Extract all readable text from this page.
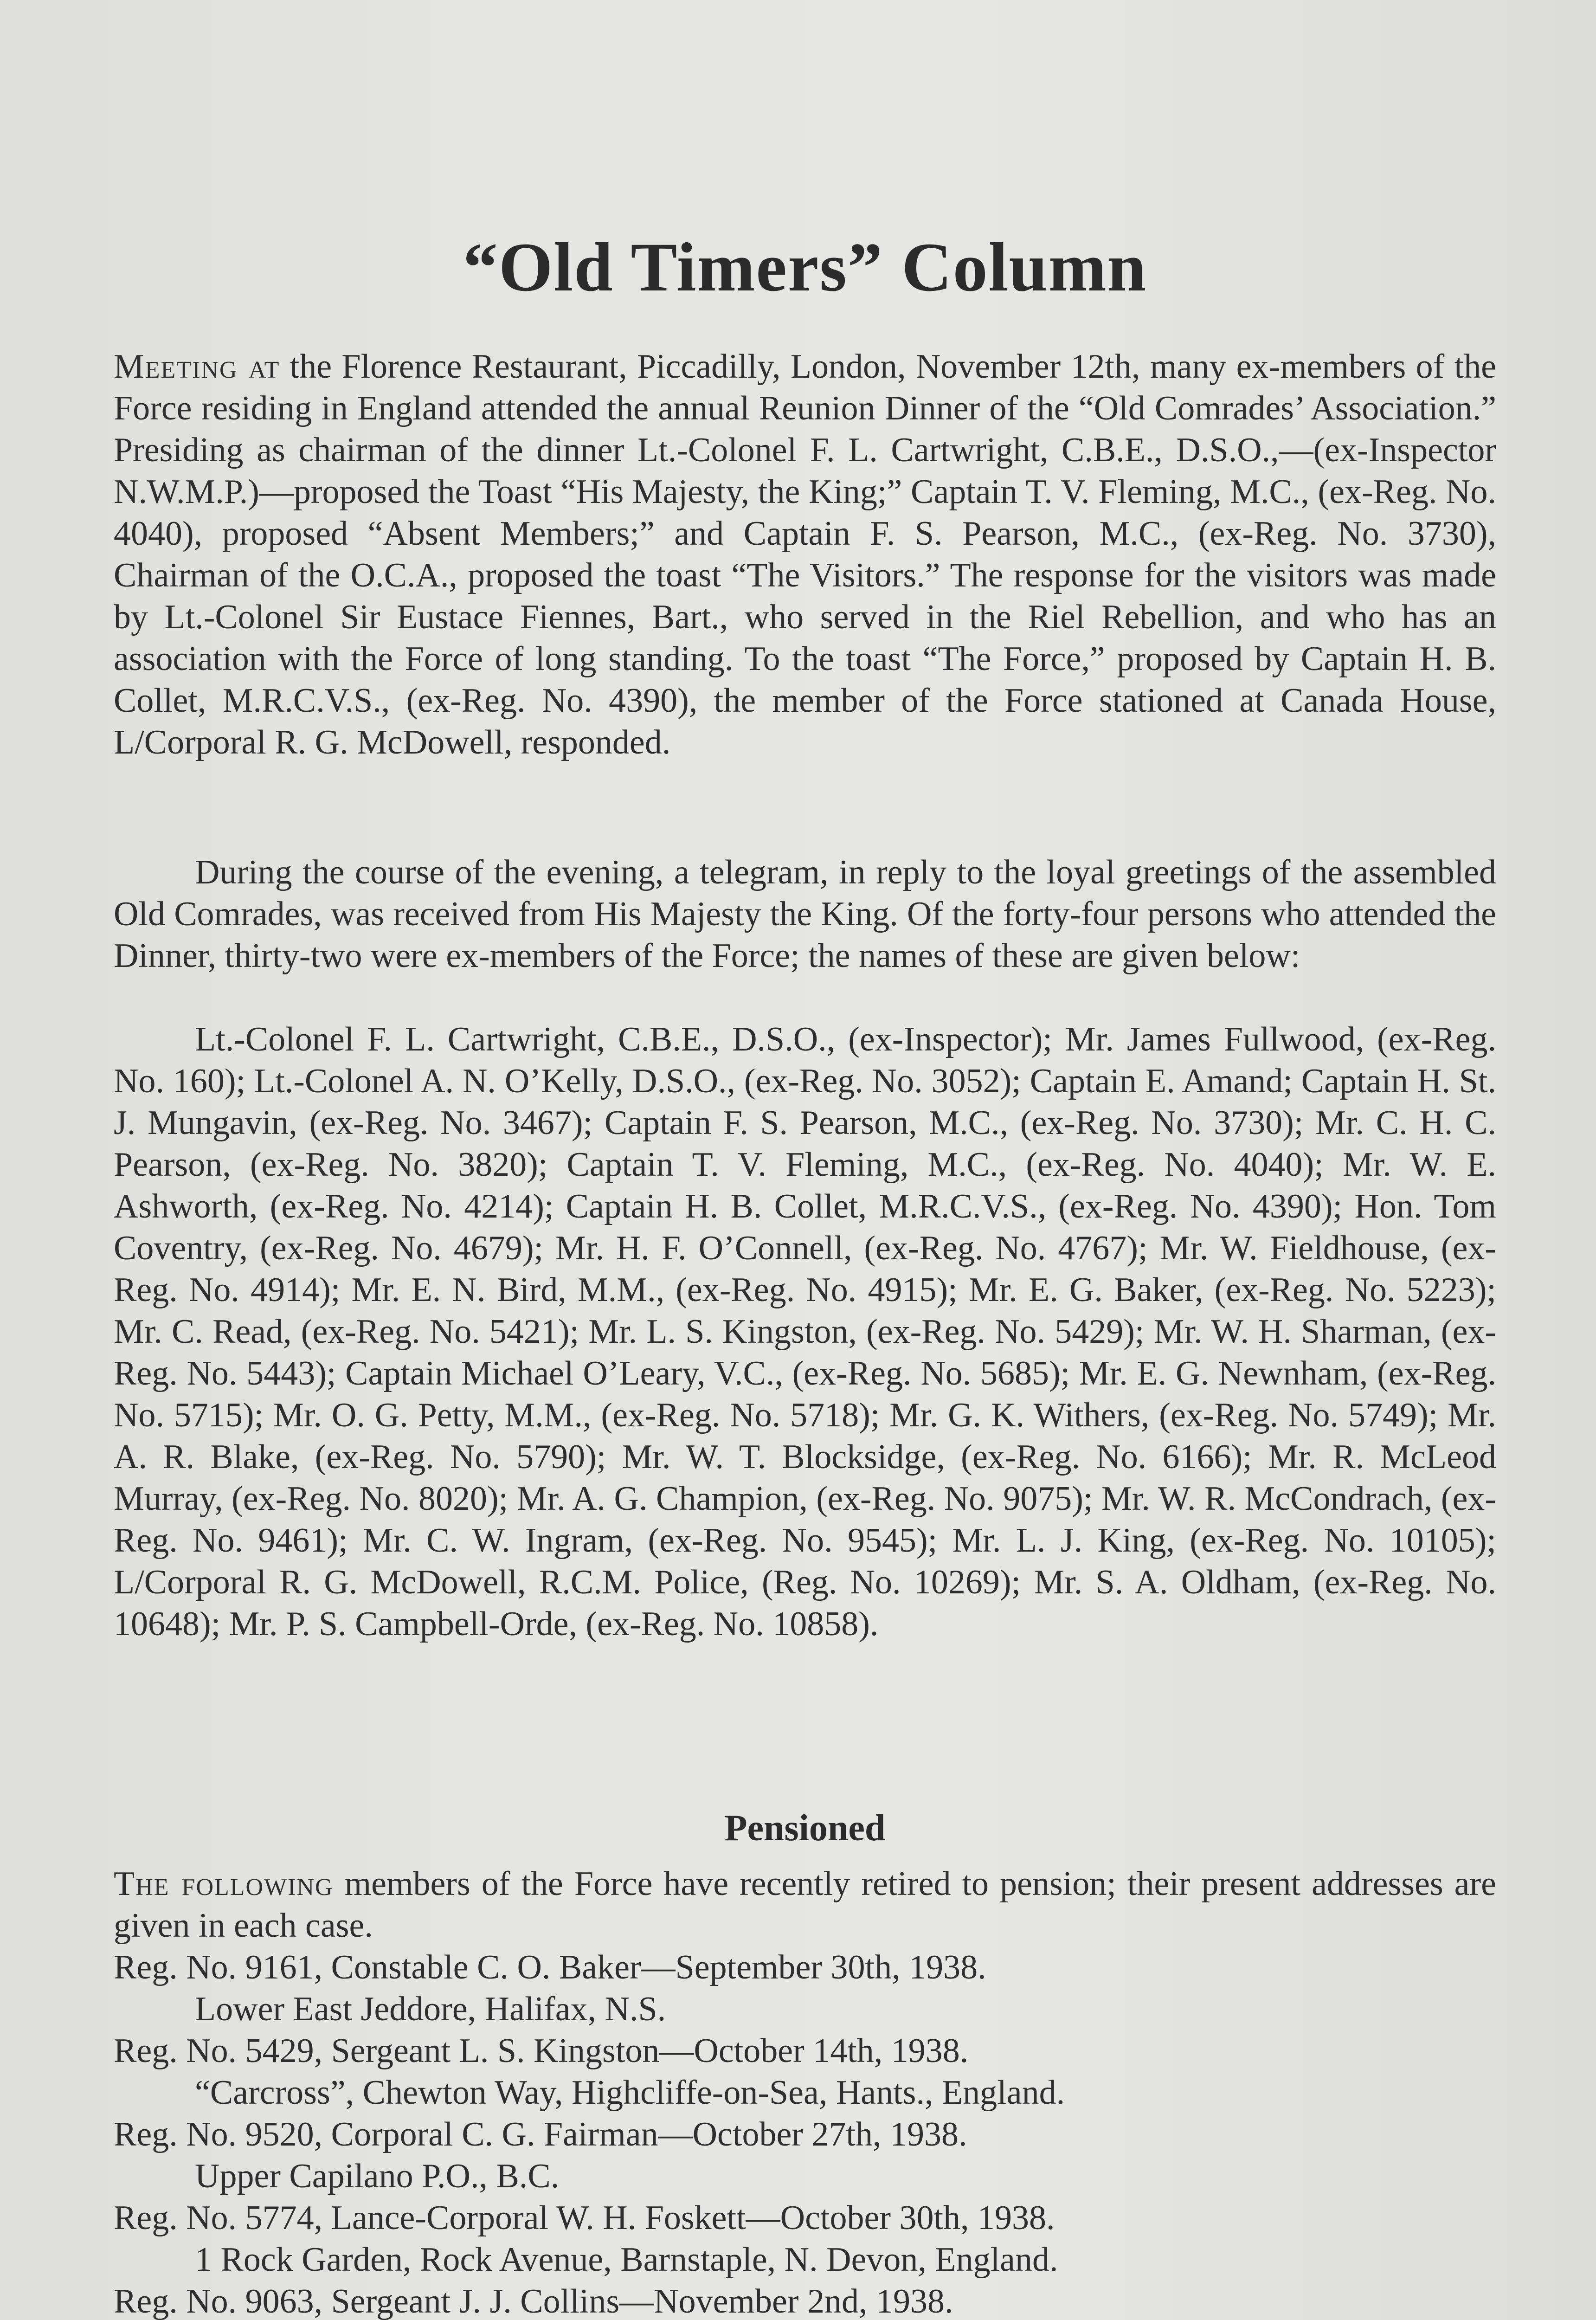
“Old Timers” Column

Meeting at the Florence Restaurant, Piccadilly, London, November 12th, many ex-members of the Force residing in England attended the annual Reunion Dinner of the “Old Comrades’ Association.” Presiding as chairman of the dinner Lt.-Colonel F. L. Cartwright, C.B.E., D.S.O.,—(ex-Inspector N.W.M.P.)—proposed the Toast “His Majesty, the King;” Captain T. V. Fleming, M.C., (ex-Reg. No. 4040), proposed “Absent Members;” and Captain F. S. Pearson, M.C., (ex-Reg. No. 3730), Chairman of the O.C.A., proposed the toast “The Visitors.” The response for the visitors was made by Lt.-Colonel Sir Eustace Fiennes, Bart., who served in the Riel Rebellion, and who has an association with the Force of long standing. To the toast “The Force,” proposed by Captain H. B. Collet, M.R.C.V.S., (ex-Reg. No. 4390), the member of the Force stationed at Canada House, L/Corporal R. G. McDowell, responded.

During the course of the evening, a telegram, in reply to the loyal greetings of the assembled Old Comrades, was received from His Majesty the King. Of the forty-four persons who attended the Dinner, thirty-two were ex-members of the Force; the names of these are given below:

Lt.-Colonel F. L. Cartwright, C.B.E., D.S.O., (ex-Inspector); Mr. James Fullwood, (ex-Reg. No. 160); Lt.-Colonel A. N. O’Kelly, D.S.O., (ex-Reg. No. 3052); Captain E. Amand; Captain H. St. J. Mungavin, (ex-Reg. No. 3467); Captain F. S. Pearson, M.C., (ex-Reg. No. 3730); Mr. C. H. C. Pearson, (ex-Reg. No. 3820); Captain T. V. Fleming, M.C., (ex-Reg. No. 4040); Mr. W. E. Ashworth, (ex-Reg. No. 4214); Captain H. B. Collet, M.R.C.V.S., (ex-Reg. No. 4390); Hon. Tom Coventry, (ex-Reg. No. 4679); Mr. H. F. O’Connell, (ex-Reg. No. 4767); Mr. W. Fieldhouse, (ex-Reg. No. 4914); Mr. E. N. Bird, M.M., (ex-Reg. No. 4915); Mr. E. G. Baker, (ex-Reg. No. 5223); Mr. C. Read, (ex-Reg. No. 5421); Mr. L. S. Kingston, (ex-Reg. No. 5429); Mr. W. H. Sharman, (ex-Reg. No. 5443); Captain Michael O’Leary, V.C., (ex-Reg. No. 5685); Mr. E. G. Newnham, (ex-Reg. No. 5715); Mr. O. G. Petty, M.M., (ex-Reg. No. 5718); Mr. G. K. Withers, (ex-Reg. No. 5749); Mr. A. R. Blake, (ex-Reg. No. 5790); Mr. W. T. Blocksidge, (ex-Reg. No. 6166); Mr. R. McLeod Murray, (ex-Reg. No. 8020); Mr. A. G. Champion, (ex-Reg. No. 9075); Mr. W. R. McCondrach, (ex-Reg. No. 9461); Mr. C. W. Ingram, (ex-Reg. No. 9545); Mr. L. J. King, (ex-Reg. No. 10105); L/Corporal R. G. McDowell, R.C.M. Police, (Reg. No. 10269); Mr. S. A. Oldham, (ex-Reg. No. 10648); Mr. P. S. Campbell-Orde, (ex-Reg. No. 10858).

Pensioned

The following members of the Force have recently retired to pension; their present addresses are given in each case.

Reg. No. 9161, Constable C. O. Baker—September 30th, 1938.
Lower East Jeddore, Halifax, N.S.
Reg. No. 5429, Sergeant L. S. Kingston—October 14th, 1938.
“Carcross”, Chewton Way, Highcliffe-on-Sea, Hants., England.
Reg. No. 9520, Corporal C. G. Fairman—October 27th, 1938.
Upper Capilano P.O., B.C.
Reg. No. 5774, Lance-Corporal W. H. Foskett—October 30th, 1938.
1 Rock Garden, Rock Avenue, Barnstaple, N. Devon, England.
Reg. No. 9063, Sergeant J. J. Collins—November 2nd, 1938.
